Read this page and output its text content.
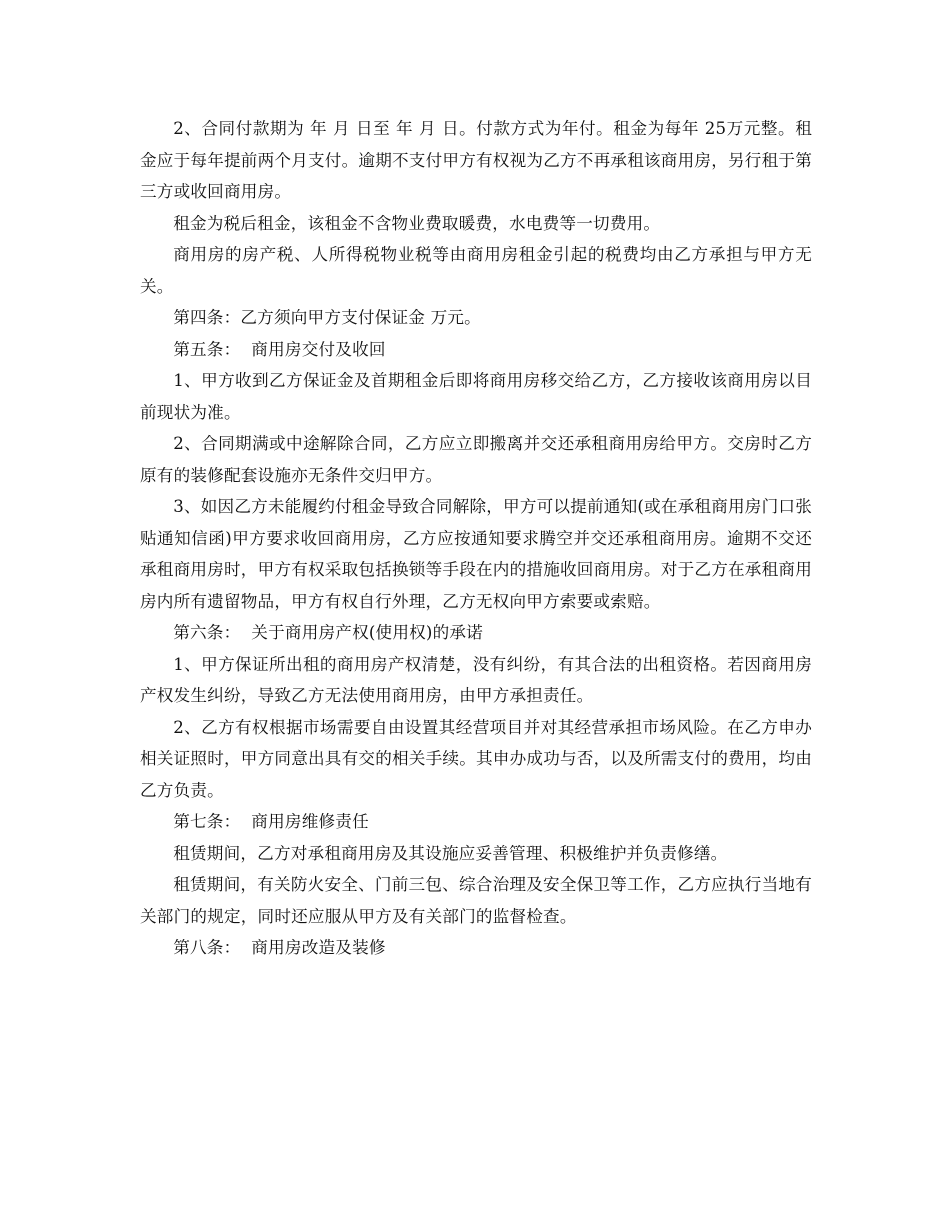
2、合同付款期为 年 月 日至 年 月 日。付款方式为年付。租金为每年 25万元整。租金应于每年提前两个月支付。逾期不支付甲方有权视为乙方不再承租该商用房，另行租于第三方或收回商用房。

租金为税后租金，该租金不含物业费取暖费，水电费等一切费用。

商用房的房产税、人所得税物业税等由商用房租金引起的税费均由乙方承担与甲方无关。

第四条：乙方须向甲方支付保证金 万元。

第五条：  商用房交付及收回

1、甲方收到乙方保证金及首期租金后即将商用房移交给乙方，乙方接收该商用房以目前现状为准。

2、合同期满或中途解除合同，乙方应立即搬离并交还承租商用房给甲方。交房时乙方原有的装修配套设施亦无条件交归甲方。

3、如因乙方未能履约付租金导致合同解除，甲方可以提前通知(或在承租商用房门口张贴通知信函)甲方要求收回商用房，乙方应按通知要求腾空并交还承租商用房。逾期不交还承租商用房时，甲方有权采取包括换锁等手段在内的措施收回商用房。对于乙方在承租商用房内所有遗留物品，甲方有权自行外理，乙方无权向甲方索要或索赔。

第六条：  关于商用房产权(使用权)的承诺

1、甲方保证所出租的商用房产权清楚，没有纠纷，有其合法的出租资格。若因商用房产权发生纠纷，导致乙方无法使用商用房，由甲方承担责任。

2、乙方有权根据市场需要自由设置其经营项目并对其经营承担市场风险。在乙方申办相关证照时，甲方同意出具有交的相关手续。其申办成功与否，以及所需支付的费用，均由乙方负责。

第七条：  商用房维修责任

租赁期间，乙方对承租商用房及其设施应妥善管理、积极维护并负责修缮。

租赁期间，有关防火安全、门前三包、综合治理及安全保卫等工作，乙方应执行当地有关部门的规定，同时还应服从甲方及有关部门的监督检查。

第八条：  商用房改造及装修
